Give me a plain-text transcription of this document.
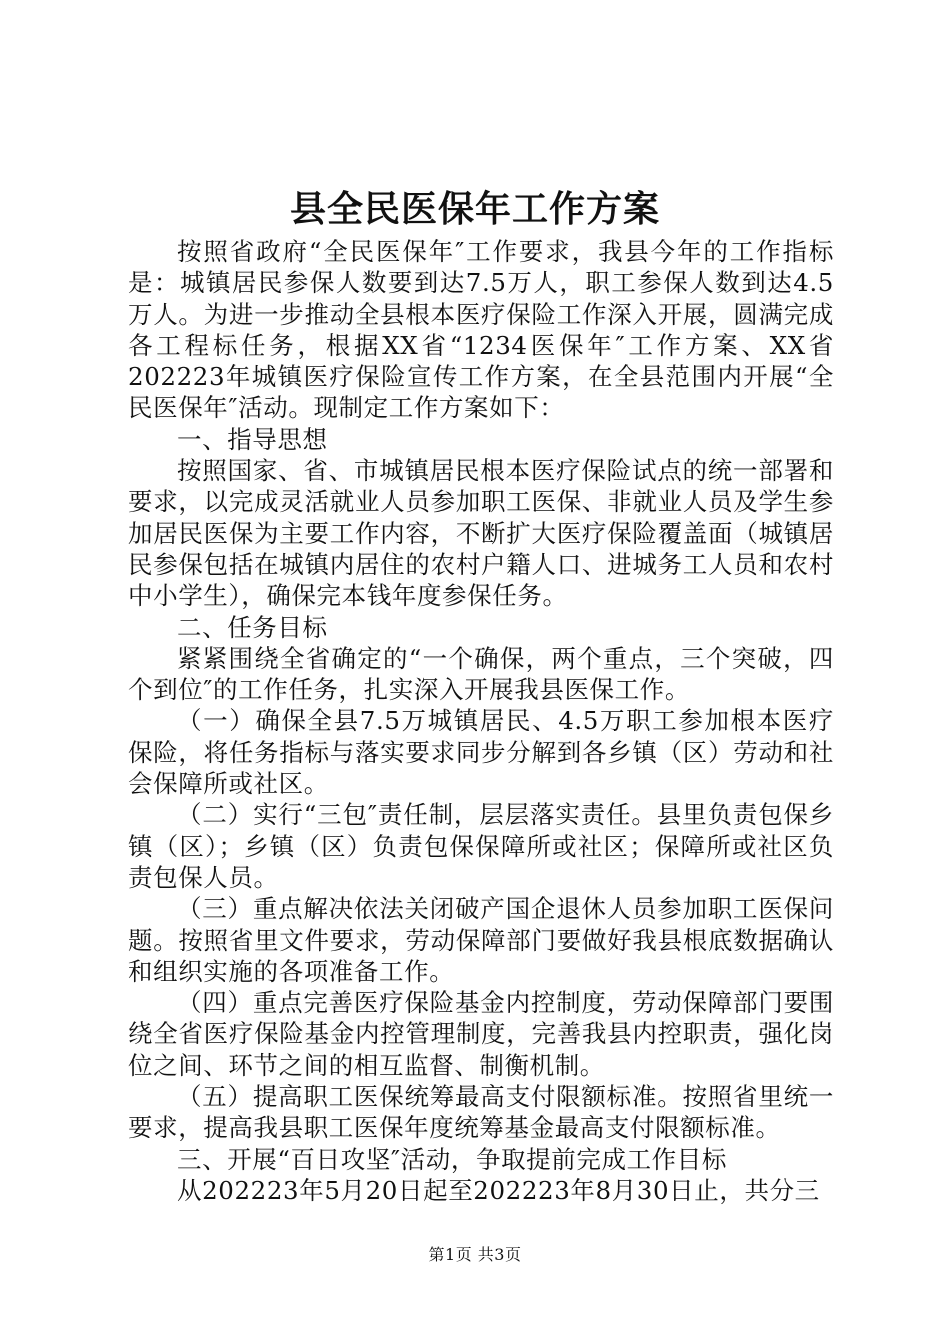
县全民医保年工作方案

按照省政府“全民医保年″工作要求，我县今年的工作指标是：城镇居民参保人数要到达7.5万人，职工参保人数到达4.5万人。为进一步推动全县根本医疗保险工作深入开展，圆满完成各工程标任务，根据XX省“1234医保年″工作方案、XX省202223年城镇医疗保险宣传工作方案，在全县范围内开展“全民医保年″活动。现制定工作方案如下：

一、指导思想

按照国家、省、市城镇居民根本医疗保险试点的统一部署和要求，以完成灵活就业人员参加职工医保、非就业人员及学生参加居民医保为主要工作内容，不断扩大医疗保险覆盖面（城镇居民参保包括在城镇内居住的农村户籍人口、进城务工人员和农村中小学生），确保完本钱年度参保任务。

二、任务目标

紧紧围绕全省确定的“一个确保，两个重点，三个突破，四个到位″的工作任务，扎实深入开展我县医保工作。

（一）确保全县7.5万城镇居民、4.5万职工参加根本医疗保险，将任务指标与落实要求同步分解到各乡镇（区）劳动和社会保障所或社区。

（二）实行“三包″责任制，层层落实责任。县里负责包保乡镇（区）；乡镇（区）负责包保保障所或社区；保障所或社区负责包保人员。

（三）重点解决依法关闭破产国企退休人员参加职工医保问题。按照省里文件要求，劳动保障部门要做好我县根底数据确认和组织实施的各项准备工作。

（四）重点完善医疗保险基金内控制度，劳动保障部门要围绕全省医疗保险基金内控管理制度，完善我县内控职责，强化岗位之间、环节之间的相互监督、制衡机制。

（五）提高职工医保统筹最高支付限额标准。按照省里统一要求，提高我县职工医保年度统筹基金最高支付限额标准。

三、开展“百日攻坚″活动，争取提前完成工作目标

从202223年5月20日起至202223年8月30日止，共分三

第1页 共3页
